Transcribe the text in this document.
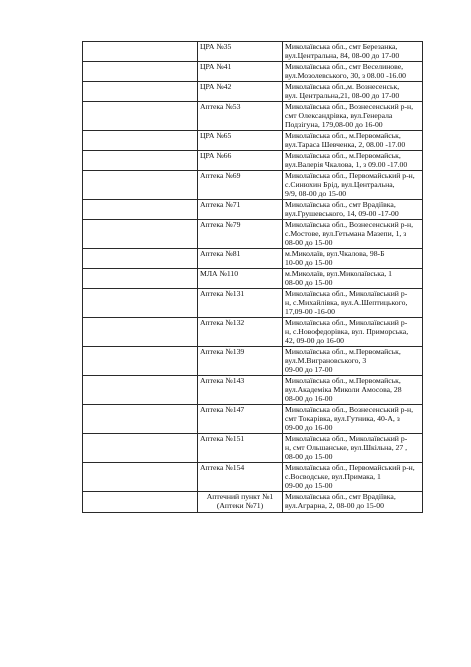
	ЦРА №35	Миколаївська обл., смт Березанка,
вул.Центральна, 84, 08-00 до 17-00

	ЦРА №41	Миколаївська обл., смт Веселинове,
вул.Мозолевського, 30, з 08.00 -16.00

	ЦРА №42	Миколаївська обл.,м. Вознесенськ,
вул. Центральна,21, 08-00 до 17-00

	Аптека №53	Миколаївська обл., Вознесенський р-н,
смт Олександрівка, вул.Генерала
Подзігуна, 179,08-00 до 16-00

	ЦРА №65	Миколаївська обл., м.Первомайськ,
вул.Тараса Шевченка, 2, 08.00 -17.00

	ЦРА №66	Миколаївська обл., м.Первомайськ,
вул.Валерія Чкалова, 1, з 09.00 -17.00

	Аптека №69	Миколаївська обл., Первомайський р-н,
с.Синюхин Брід, вул.Центральна,
9/9, 08-00 до 15-00

	Аптека №71	Миколаївська обл., смт Врадіївка,
вул.Грушевського, 14, 09-00 -17-00

	Аптека №79	Миколаївська обл., Вознесенський р-н,
с.Мостове, вул.Гетьмана Мазепи, 1, з
08-00 до 15-00

	Аптека №81	м.Миколаїв, вул.Чкалова, 98-Б
10-00 до 15-00

	МЛА №110	м.Миколаїв, вул.Миколаївська, 1
08-00 до 15-00

	Аптека №131	Миколаївська обл., Миколаївський р-
н, с.Михайлівка, вул.А.Шептицького,
17,09-00 -16-00

	Аптека №132	Миколаївська обл., Миколаївський р-
н, с.Новофедорівка, вул. Приморська,
42, 09-00 до 16-00

	Аптека №139	Миколаївська обл., м.Первомайськ,
вул.М.Виграновського, 3
09-00 до 17-00

	Аптека №143	Миколаївська обл., м.Первомайськ,
вул.Академіка Миколи Амосова, 28
08-00 до 16-00

	Аптека №147	Миколаївська обл., Вознесенський р-н,
смт Токарівка, вул.Гутника, 40-А, з
09-00 до 16-00

	Аптека №151	Миколаївська обл., Миколаївський р-
н, смт Ольшанське, вул.Шкільна, 27 ,
08-00 до 15-00

	Аптека №154	Миколаївська обл., Первомайський р-н,
с.Восводське, вул.Примака, 1
09-00 до 15-00

	Аптечний пункт №1 (Аптеки №71)	Миколаївська обл., смт Врадіївка,
вул.Аграрна, 2, 08-00 до 15-00
